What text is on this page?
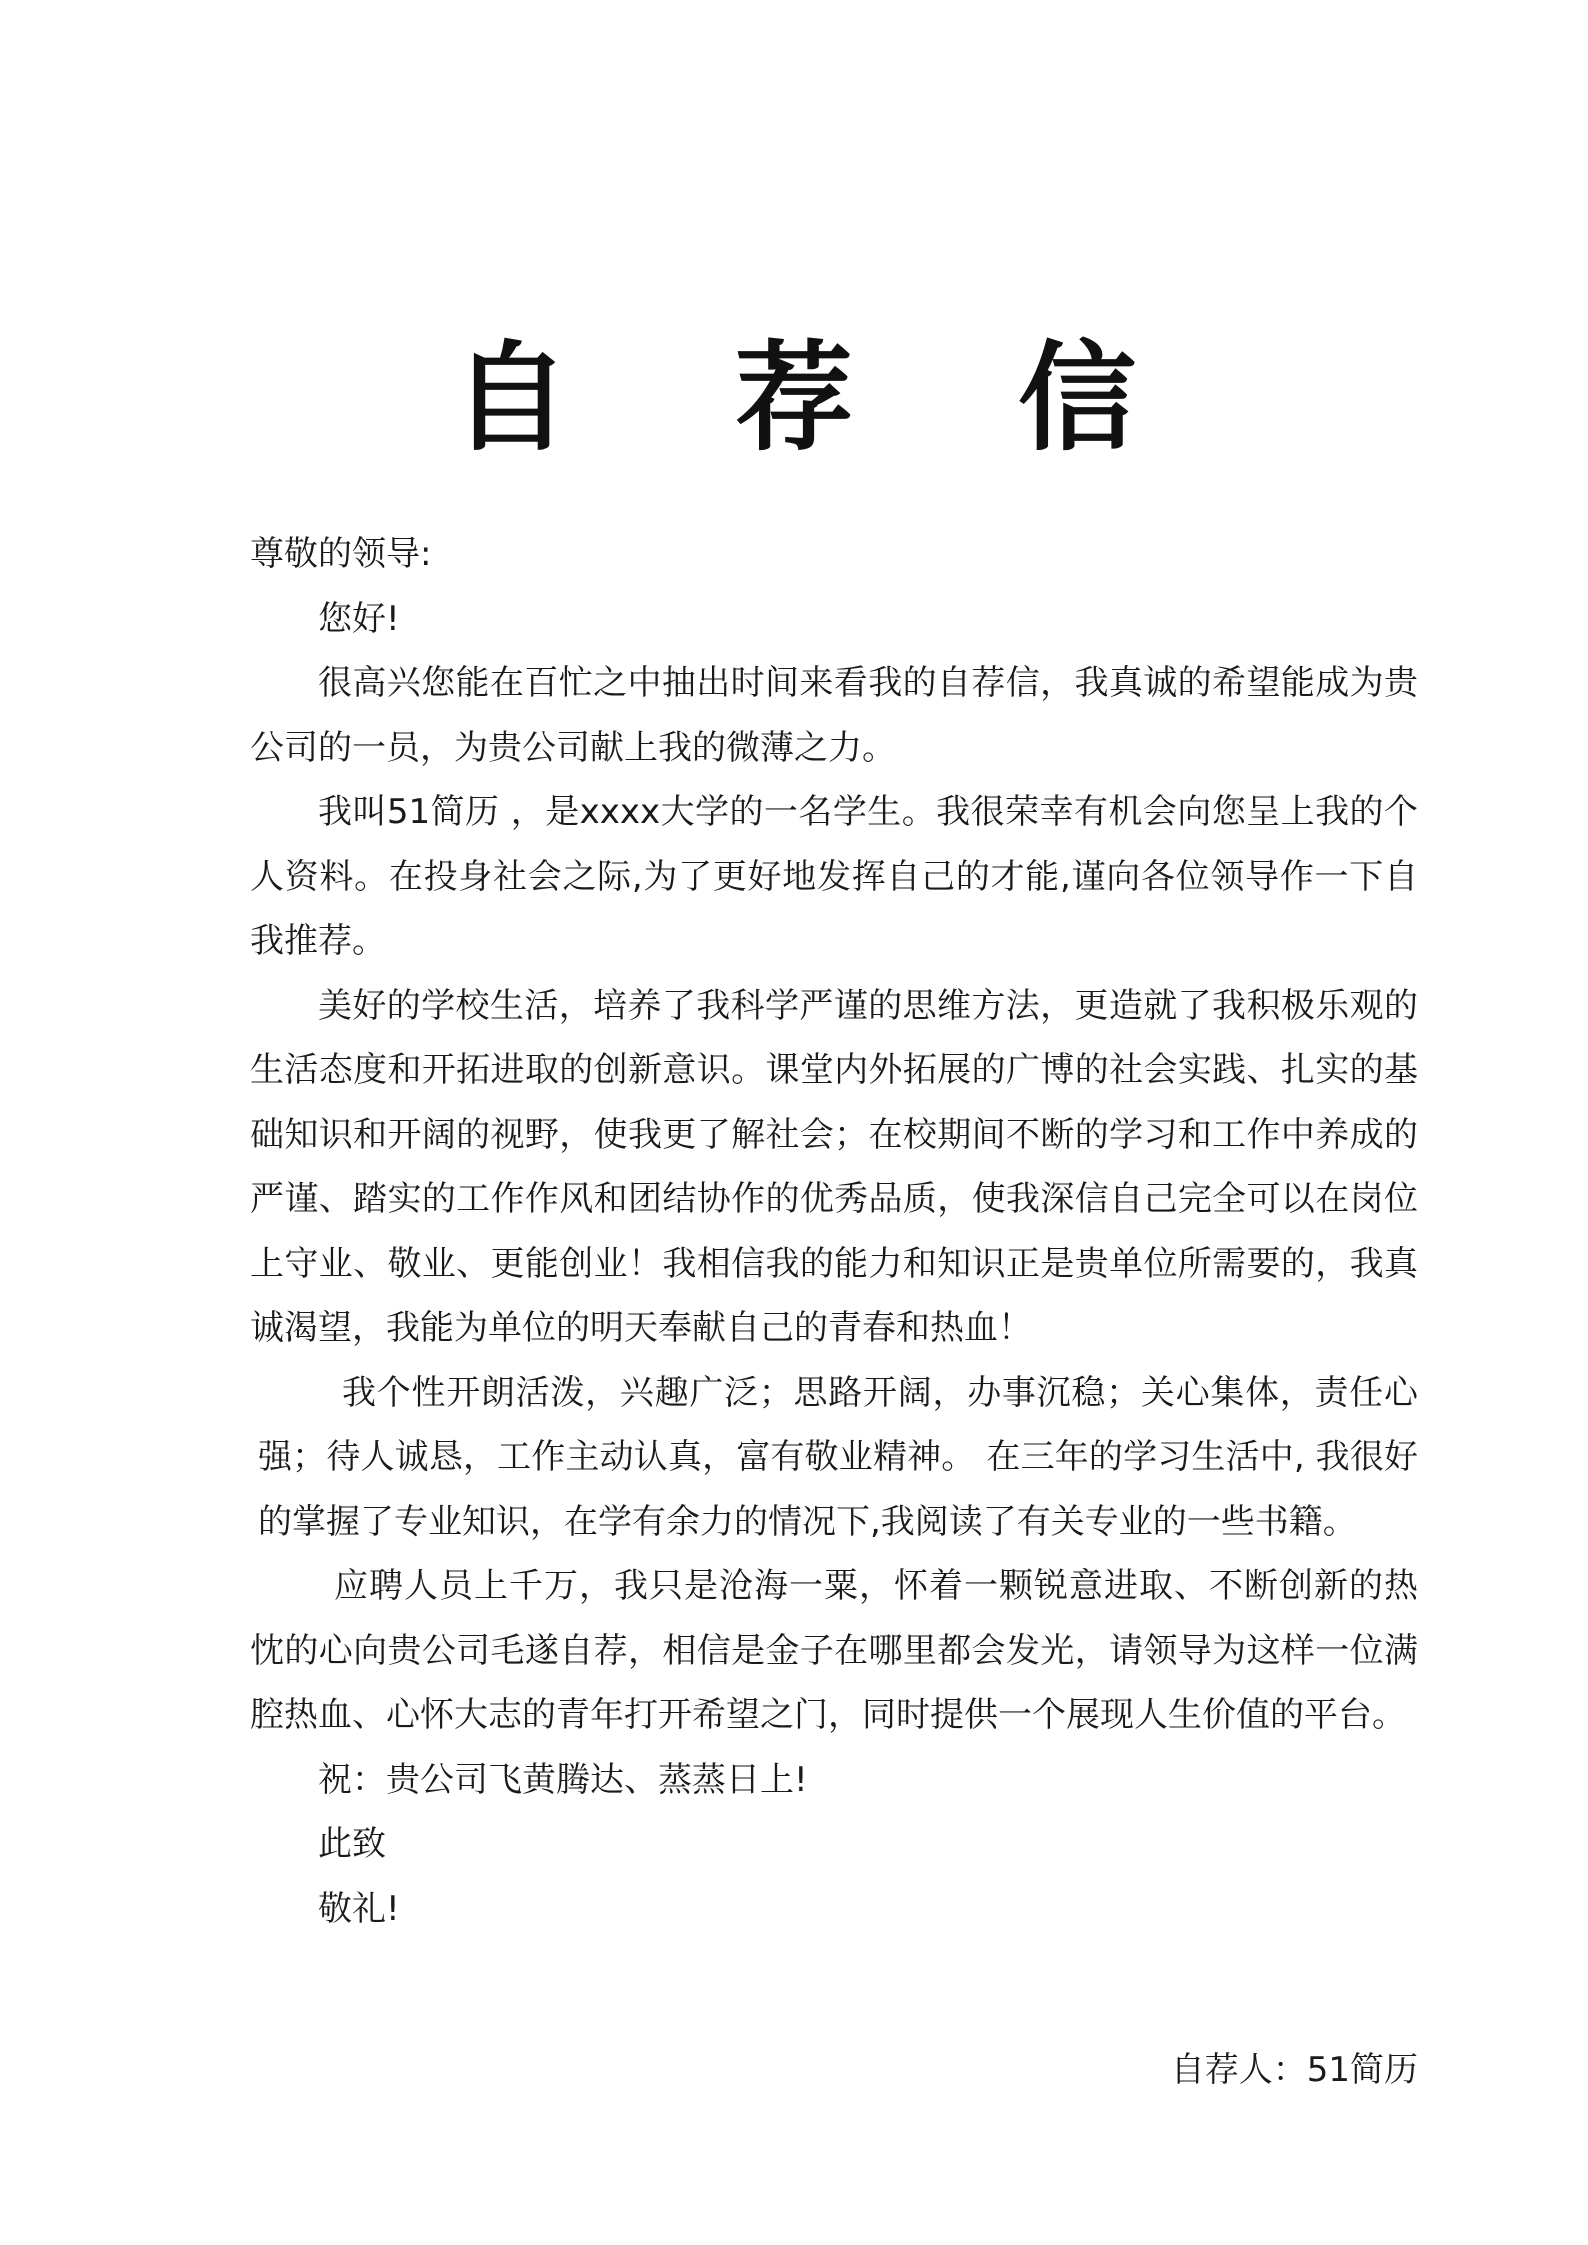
自 荐 信

尊敬的领导:

您好!

很高兴您能在百忙之中抽出时间来看我的自荐信，我真诚的希望能成为贵公司的一员，为贵公司献上我的微薄之力。

我叫51简历 ，是xxxx大学的一名学生。我很荣幸有机会向您呈上我的个人资料。在投身社会之际,为了更好地发挥自己的才能,谨向各位领导作一下自我推荐。

美好的学校生活，培养了我科学严谨的思维方法，更造就了我积极乐观的生活态度和开拓进取的创新意识。课堂内外拓展的广博的社会实践、扎实的基础知识和开阔的视野，使我更了解社会；在校期间不断的学习和工作中养成的严谨、踏实的工作作风和团结协作的优秀品质，使我深信自己完全可以在岗位上守业、敬业、更能创业！我相信我的能力和知识正是贵单位所需要的，我真诚渴望，我能为单位的明天奉献自己的青春和热血！

我个性开朗活泼，兴趣广泛；思路开阔，办事沉稳；关心集体，责任心强；待人诚恳，工作主动认真，富有敬业精神。 在三年的学习生活中, 我很好的掌握了专业知识，在学有余力的情况下,我阅读了有关专业的一些书籍。

应聘人员上千万，我只是沧海一粟，怀着一颗锐意进取、不断创新的热忱的心向贵公司毛遂自荐，相信是金子在哪里都会发光，请领导为这样一位满腔热血、心怀大志的青年打开希望之门，同时提供一个展现人生价值的平台。

祝：贵公司飞黄腾达、蒸蒸日上!

此致

敬礼!

自荐人：51简历
